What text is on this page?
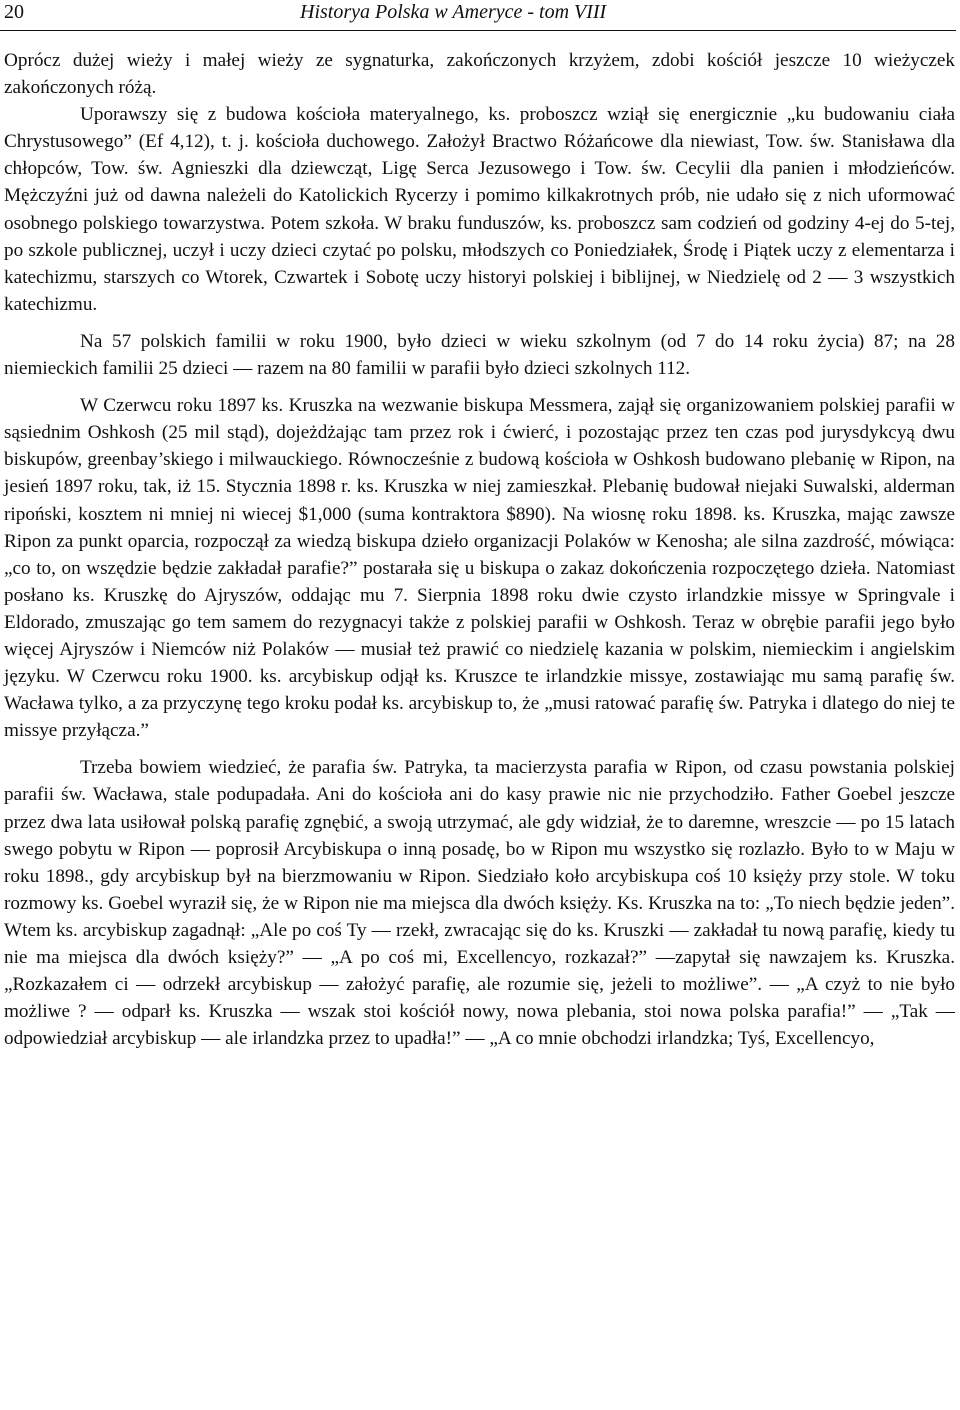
20	Historya Polska w Ameryce - tom VIII

Oprócz dużej wieży i małej wieży ze sygnaturka, zakończonych krzyżem, zdobi kościół jeszcze 10 wieżyczek zakończonych różą.

Uporawszy się z budowa kościoła materyalnego, ks. proboszcz wziął się energicznie „ku budowaniu ciała Chrystusowego” (Ef 4,12), t. j. kościoła duchowego. Założył Bractwo Różańcowe dla niewiast, Tow. św. Stanisława dla chłopców, Tow. św. Agnieszki dla dziewcząt, Ligę Serca Jezusowego i Tow. św. Cecylii dla panien i młodzieńców. Mężczyźni już od dawna należeli do Katolickich Rycerzy i pomimo kilkakrotnych prób, nie udało się z nich uformować osobnego polskiego towarzystwa. Potem szkoła. W braku funduszów, ks. proboszcz sam codzień od godziny 4-ej do 5-tej, po szkole publicznej, uczył i uczy dzieci czytać po polsku, młodszych co Poniedziałek, Środę i Piątek uczy z elementarza i katechizmu, starszych co Wtorek, Czwartek i Sobotę uczy historyi polskiej i biblijnej, w Niedzielę od 2 — 3 wszystkich katechizmu.

Na 57 polskich familii w roku 1900, było dzieci w wieku szkolnym (od 7 do 14 roku życia) 87; na 28 niemieckich familii 25 dzieci — razem na 80 familii w parafii było dzieci szkolnych 112.

W Czerwcu roku 1897 ks. Kruszka na wezwanie biskupa Messmera, zajął się organizowaniem polskiej parafii w sąsiednim Oshkosh (25 mil stąd), dojeżdżając tam przez rok i ćwierć, i pozostając przez ten czas pod jurysdykcyą dwu biskupów, greenbay’skiego i milwauckiego. Równocześnie z budową kościoła w Oshkosh budowano plebanię w Ripon, na jesień 1897 roku, tak, iż 15. Stycznia 1898 r. ks. Kruszka w niej zamieszkał. Plebanię budował niejaki Suwalski, alderman ripoński, kosztem ni mniej ni wiecej $1,000 (suma kontraktora $890). Na wiosnę roku 1898. ks. Kruszka, mając zawsze Ripon za punkt oparcia, rozpoczął za wiedzą biskupa dzieło organizacji Polaków w Kenosha; ale silna zazdrość, mówiąca: „co to, on wszędzie będzie zakładał parafie?” postarała się u biskupa o zakaz dokończenia rozpoczętego dzieła. Natomiast posłano ks. Kruszkę do Ajryszów, oddając mu 7. Sierpnia 1898 roku dwie czysto irlandzkie missye w Springvale i Eldorado, zmuszając go tem samem do rezygnacyi także z polskiej parafii w Oshkosh. Teraz w obrębie parafii jego było więcej Ajryszów i Niemców niż Polaków — musiał też prawić co niedzielę kazania w polskim, niemieckim i angielskim języku. W Czerwcu roku 1900. ks. arcybiskup odjął ks. Kruszce te irlandzkie missye, zostawiając mu samą parafię św. Wacława tylko, a za przyczynę tego kroku podał ks. arcybiskup to, że „musi ratować parafię św. Patryka i dlatego do niej te missye przyłącza.”

Trzeba bowiem wiedzieć, że parafia św. Patryka, ta macierzysta parafia w Ripon, od czasu powstania polskiej parafii św. Wacława, stale podupadała. Ani do kościoła ani do kasy prawie nic nie przychodziło. Father Goebel jeszcze przez dwa lata usiłował polską parafię zgnębić, a swoją utrzymać, ale gdy widział, że to daremne, wreszcie — po 15 latach swego pobytu w Ripon — poprosił Arcybiskupa o inną posadę, bo w Ripon mu wszystko się rozlazło. Było to w Maju w roku 1898., gdy arcybiskup był na bierzmowaniu w Ripon. Siedziało koło arcybiskupa coś 10 księży przy stole. W toku rozmowy ks. Goebel wyraził się, że w Ripon nie ma miejsca dla dwóch księży. Ks. Kruszka na to: „To niech będzie jeden”. Wtem ks. arcybiskup zagadnął: „Ale po coś Ty — rzekł, zwracając się do ks. Kruszki — zakładał tu nową parafię, kiedy tu nie ma miejsca dla dwóch księży?” — „A po coś mi, Excellencyo, rozkazał?” —zapytał się nawzajem ks. Kruszka. „Rozkazałem ci — odrzekł arcybiskup — założyć parafię, ale rozumie się, jeżeli to możliwe”. — „A czyż to nie było możliwe ? — odparł ks. Kruszka — wszak stoi kościół nowy, nowa plebania, stoi nowa polska parafia!” — „Tak — odpowiedział arcybiskup — ale irlandzka przez to upadła!” — „A co mnie obchodzi irlandzka; Tyś, Excellencyo,
